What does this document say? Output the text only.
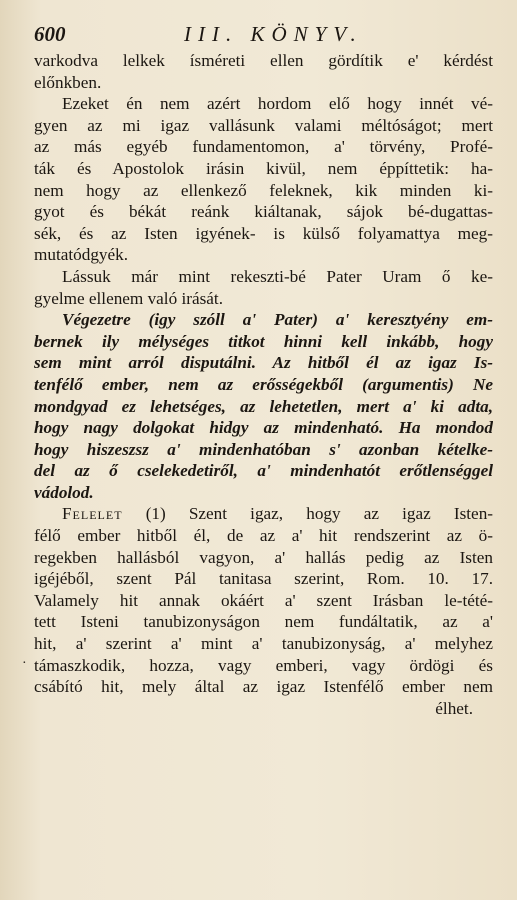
600	III. KÖNYV.
·
varkodva lelkek ísméreti ellen gördítik e' kérdést
előnkben.
Ezeket én nem azért hordom elő hogy innét vé-
gyen az mi igaz vallásunk valami méltóságot; mert
az más egyéb fundamentomon, a' törvény, Profé-
ták és Apostolok irásin kivül, nem éppíttetik: ha-
nem hogy az ellenkező feleknek, kik minden ki-
gyot és békát reánk kiáltanak, sájok bé-dugattas-
sék, és az Isten igyének- is külső folyamattya meg-
mutatódgyék.
Lássuk már mint rekeszti-bé Pater Uram ő ke-
gyelme ellenem való irását.
Végezetre (igy szóll a' Pater) a' keresztyény em-
bernek ily mélységes titkot hinni kell inkább, hogy
sem mint arról disputálni. Az hitből él az igaz Is-
tenfélő ember, nem az erősségekből (argumentis) Ne
mondgyad ez lehetséges, az lehetetlen, mert a' ki adta,
hogy nagy dolgokat hidgy az mindenható. Ha mondod
hogy hiszeszsz a' mindenhatóban s' azonban kételke-
del az ő cselekedetiről, a' mindenhatót erőtlenséggel
vádolod.
Felelet (1) Szent igaz, hogy az igaz Isten-
félő ember hitből él, de az a' hit rendszerint az ö-
regekben hallásból vagyon, a' hallás pedig az Isten
igéjéből, szent Pál tanitasa szerint, Rom. 10. 17.
Valamely hit annak okáért a' szent Irásban le-tété-
tett Isteni tanubizonyságon nem fundáltatik, az a'
hit, a' szerint a' mint a' tanubizonyság, a' melyhez
támaszkodik, hozza, vagy emberi, vagy ördögi és
csábító hit, mely által az igaz Istenfélő ember nem
élhet.
